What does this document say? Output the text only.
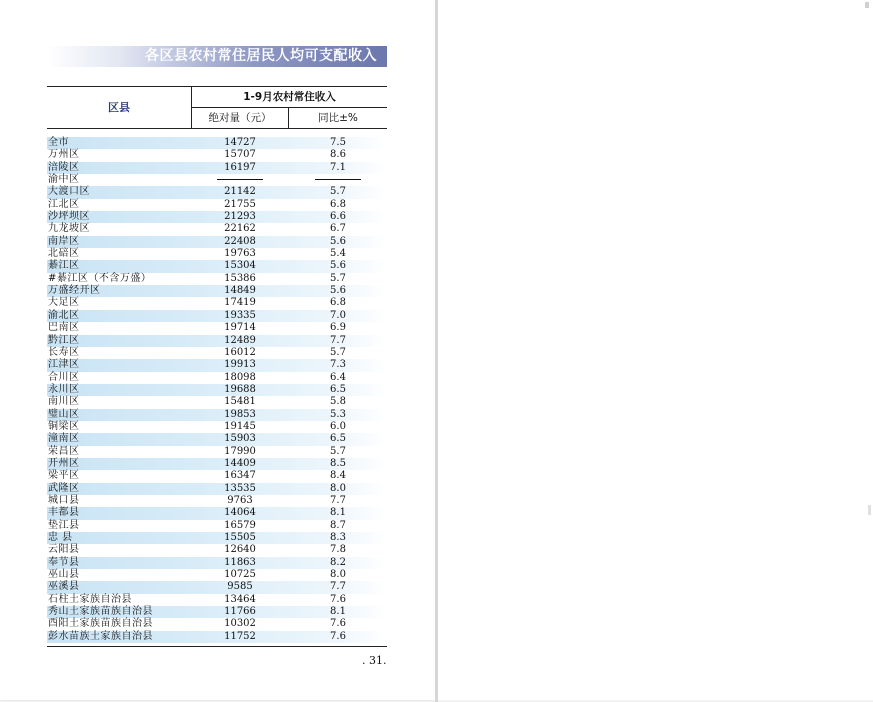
各区县农村常住居民人均可支配收入
区县
1-9月农村常住收入
绝对量（元）	同比±%
全市	14727	7.5
万州区	15707	8.6
涪陵区	16197	7.1
渝中区
大渡口区	21142	5.7
江北区	21755	6.8
沙坪坝区	21293	6.6
九龙坡区	22162	6.7
南岸区	22408	5.6
北碚区	19763	5.4
綦江区	15304	5.6
#綦江区（不含万盛）	15386	5.7
万盛经开区	14849	5.6
大足区	17419	6.8
渝北区	19335	7.0
巴南区	19714	6.9
黔江区	12489	7.7
长寿区	16012	5.7
江津区	19913	7.3
合川区	18098	6.4
永川区	19688	6.5
南川区	15481	5.8
璧山区	19853	5.3
铜梁区	19145	6.0
潼南区	15903	6.5
荣昌区	17990	5.7
开州区	14409	8.5
梁平区	16347	8.4
武隆区	13535	8.0
城口县	9763	7.7
丰都县	14064	8.1
垫江县	16579	8.7
忠 县	15505	8.3
云阳县	12640	7.8
奉节县	11863	8.2
巫山县	10725	8.0
巫溪县	9585	7.7
石柱土家族自治县	13464	7.6
秀山土家族苗族自治县	11766	8.1
酉阳土家族苗族自治县	10302	7.6
彭水苗族土家族自治县	11752	7.6
. 31.
